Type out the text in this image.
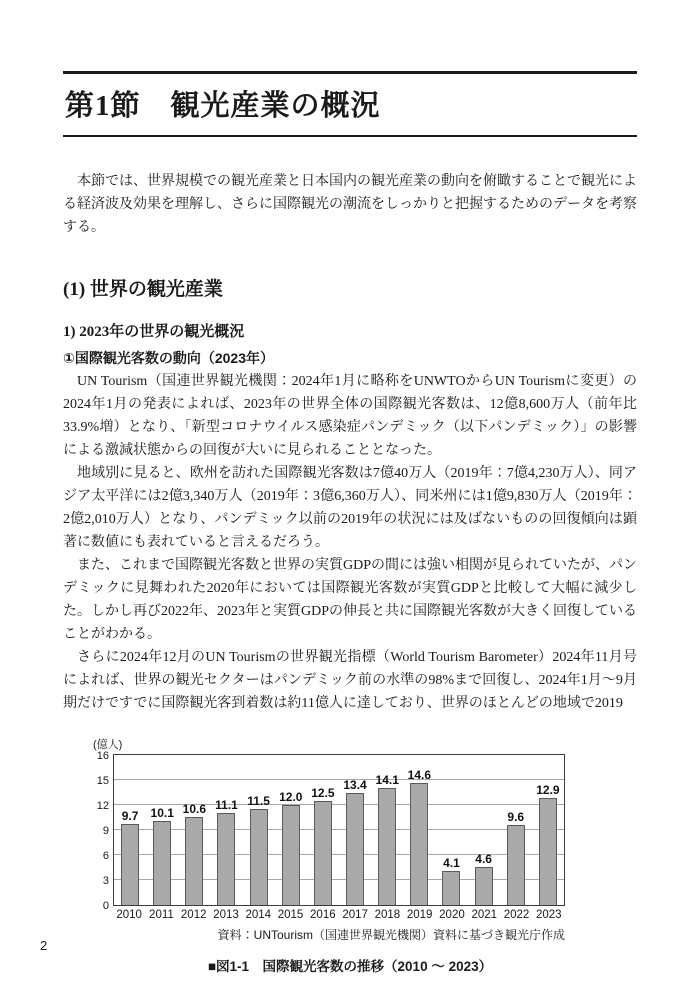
第1節　観光産業の概況

本節では、世界規模での観光産業と日本国内の観光産業の動向を俯瞰することで観光による経済波及効果を理解し、さらに国際観光の潮流をしっかりと把握するためのデータを考察する。

(1) 世界の観光産業
1) 2023年の世界の観光概況
①国際観光客数の動向（2023年）

UN Tourism（国連世界観光機関：2024年1月に略称をUNWTOからUN Tourismに変更）の2024年1月の発表によれば、2023年の世界全体の国際観光客数は、12億8,600万人（前年比33.9%増）となり、「新型コロナウイルス感染症パンデミック（以下パンデミック）」の影響による激減状態からの回復が大いに見られることとなった。

地域別に見ると、欧州を訪れた国際観光客数は7億40万人（2019年：7億4,230万人）、同アジア太平洋には2億3,340万人（2019年：3億6,360万人）、同米州には1億9,830万人（2019年：2億2,010万人）となり、パンデミック以前の2019年の状況には及ばないものの回復傾向は顕著に数値にも表れていると言えるだろう。

また、これまで国際観光客数と世界の実質GDPの間には強い相関が見られていたが、パンデミックに見舞われた2020年においては国際観光客数が実質GDPと比較して大幅に減少した。しかし再び2022年、2023年と実質GDPの伸長と共に国際観光客数が大きく回復していることがわかる。

さらに2024年12月のUN Tourismの世界観光指標（World Tourism Barometer）2024年11月号によれば、世界の観光セクターはパンデミック前の水準の98%まで回復し、2024年1月～9月期だけですでに国際観光客到着数は約11億人に達しており、世界のほとんどの地域で2019

(億人)
0
3
6
9
12
15
16
9.7 10.1 10.6 11.1 11.5 12.0 12.5
13.4 14.1 14.6
4.1 4.6
9.6
12.9
2010 2011 2012 2013 2014 2015 2016 2017 2018 2019 2020 2021 2022 2023
資料：UNTourism（国連世界観光機関）資料に基づき観光庁作成
■図1-1　国際観光客数の推移（2010 ～ 2023）
2
